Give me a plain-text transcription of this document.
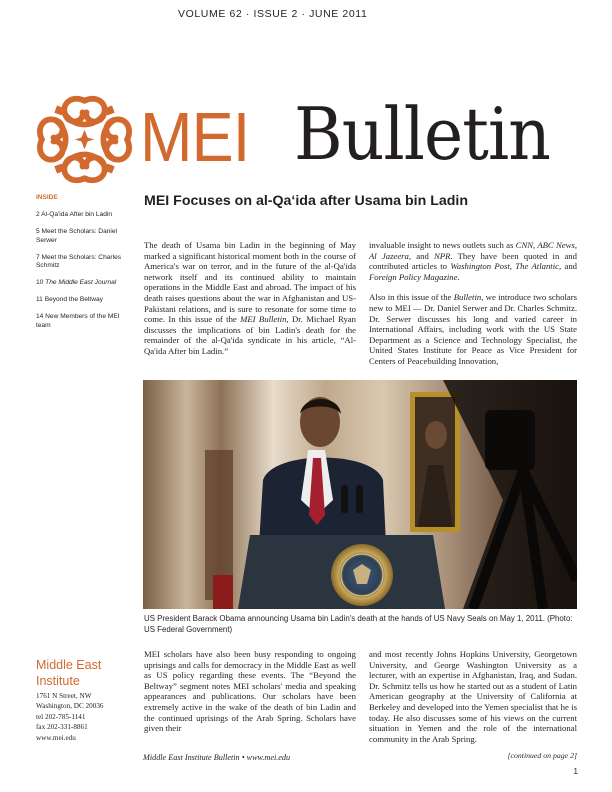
VOLUME 62 · ISSUE 2 · JUNE 2011
MEI Bulletin
INSIDE
2 Al-Qa'ida After bin Ladin
5 Meet the Scholars: Daniel Serwer
7 Meet the Scholars: Charles Schmitz
10 The Middle East Journal
11 Beyond the Beltway
14 New Members of the MEI team
MEI Focuses on al-Qa‘ida after Usama bin Ladin
The death of Usama bin Ladin in the beginning of May marked a significant historical moment both in the course of America's war on terror, and in the future of the al-Qa'ida network itself and its continued ability to maintain operations in the Middle East and abroad. The impact of his death raises questions about the war in Afghanistan and US-Pakistani relations, and is sure to resonate for some time to come. In this issue of the MEI Bulletin, Dr. Michael Ryan discusses the implications of bin Ladin's death for the remainder of the al-Qa'ida syndicate in his article, “Al-Qa'ida After bin Ladin.”
invaluable insight to news outlets such as CNN, ABC News, Al Jazeera, and NPR. They have been quoted in and contributed articles to Washington Post, The Atlantic, and Foreign Policy Magazine.
Also in this issue of the Bulletin, we introduce two scholars new to MEI — Dr. Daniel Serwer and Dr. Charles Schmitz. Dr. Serwer discusses his long and varied career in International Affairs, including work with the US State Department as a Science and Technology Specialist, the United States Institute for Peace as Vice President for Centers of Peacebuilding Innovation,
US President Barack Obama announcing Usama bin Ladin's death at the hands of US Navy Seals on May 1, 2011. (Photo: US Federal Government)
MEI scholars have also been busy responding to ongoing uprisings and calls for democracy in the Middle East as well as US policy regarding these events. The “Beyond the Beltway” segment notes MEI scholars' media and speaking appearances and publications. Our scholars have been extremely active in the wake of the death of bin Ladin and the continued uprisings of the Arab Spring. Scholars have given their
and most recently Johns Hopkins University, Georgetown University, and George Washington University as a lecturer, with an expertise in Afghanistan, Iraq, and Sudan. Dr. Schmitz tells us how he started out as a student of Latin American geography at the University of California at Berkeley and developed into the Yemen specialist that he is today. He also discusses some of his views on the current situation in Yemen and the role of the international community in the Arab Spring.
Middle East
Institute
1761 N Street, NW
Washington, DC 20036
tel 202-785-1141
fax 202-331-8861
www.mei.edu
Middle East Institute Bulletin • www.mei.edu	[continued on page 2]
1
